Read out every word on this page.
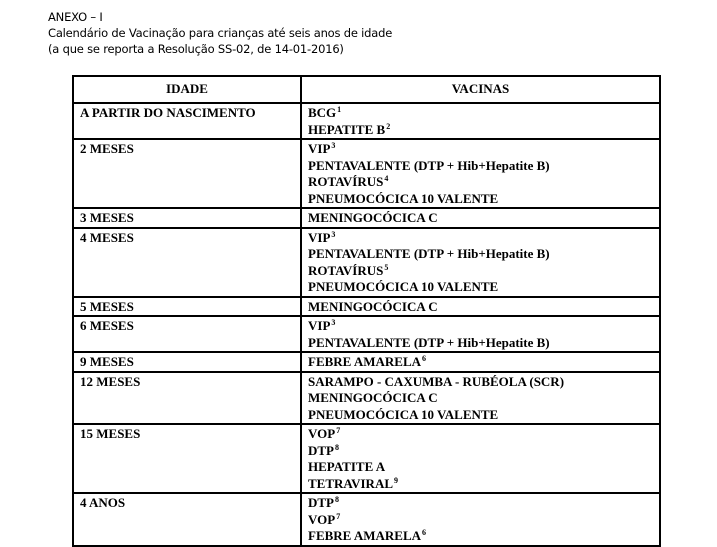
ANEXO – I
Calendário de Vacinação para crianças até seis anos de idade
(a que se reporta a Resolução SS-02, de 14-01-2016)
IDADE	VACINAS
A PARTIR DO NASCIMENTO	BCG$^1$
HEPATITE $B^2$

2 MESES	VIP$^3$
PENTAVALENTE (DTP + Hib+Hepatite B)
ROTAVÍRUS$^4$
PNEUMOCÓCICA 10 VALENTE

3 MESES	MENINGOCÓCICA C

4 MESES	VIP$^3$
PENTAVALENTE (DTP + Hib+Hepatite B)
ROTAVÍRUS$^5$
PNEUMOCÓCICA 10 VALENTE

5 MESES	MENINGOCÓCICA C

6 MESES	VIP$^3$
PENTAVALENTE (DTP + Hib+Hepatite B)

9 MESES	FEBRE AMARELA$^6$

12 MESES	SARAMPO - CAXUMBA - RUBÉOLA (SCR)
MENINGOCÓCICA C
PNEUMOCÓCICA 10 VALENTE

15 MESES	VOP$^7$
DTP$^8$
HEPATITE A
TETRAVIRAL$^9$

4 ANOS	DTP$^8$
VOP$^7$
FEBRE AMARELA$^6$
